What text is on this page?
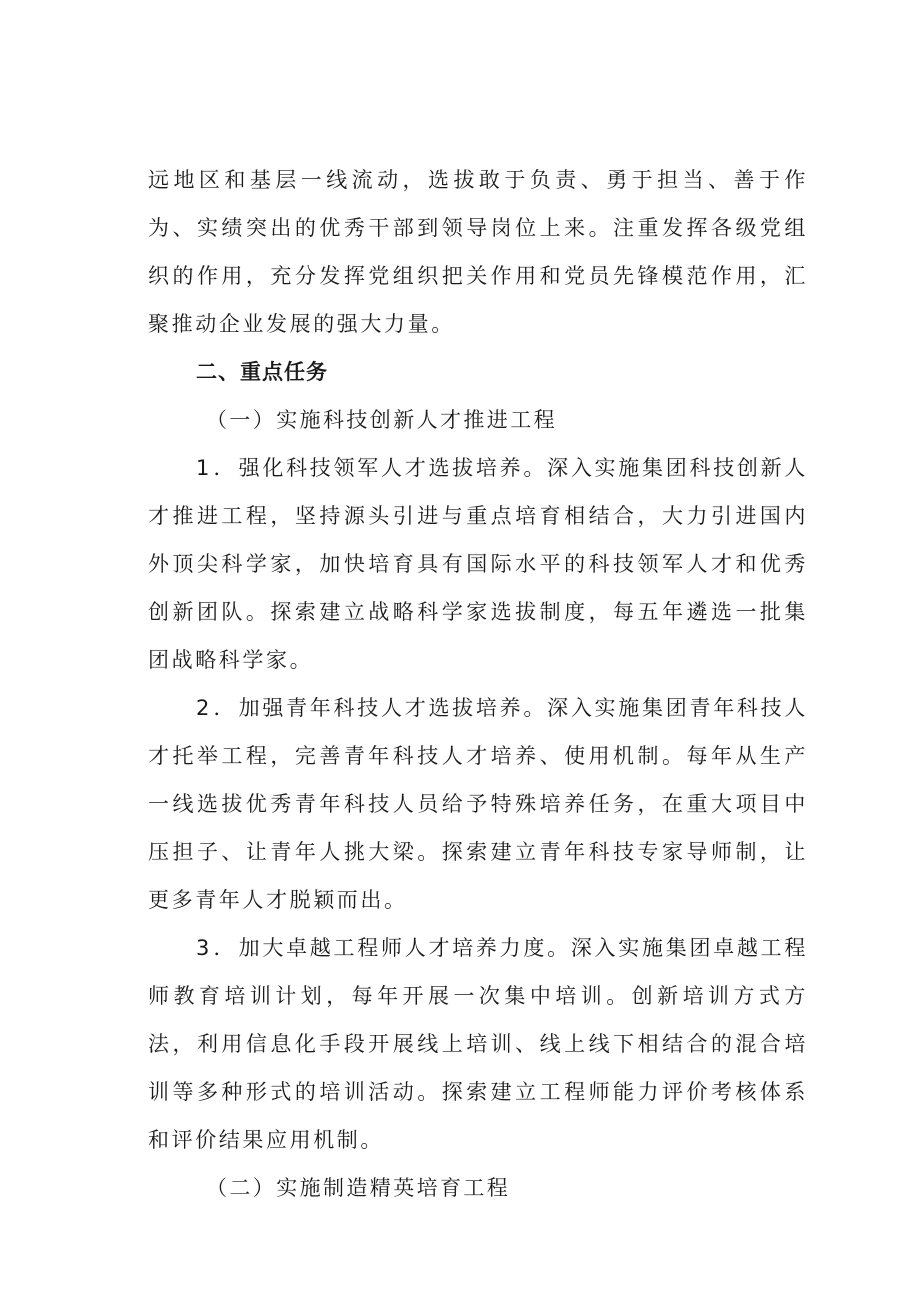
远地区和基层一线流动，选拔敢于负责、勇于担当、善于作为、实绩突出的优秀干部到领导岗位上来。注重发挥各级党组织的作用，充分发挥党组织把关作用和党员先锋模范作用，汇聚推动企业发展的强大力量。

二、重点任务

（一）实施科技创新人才推进工程

1．强化科技领军人才选拔培养。深入实施集团科技创新人才推进工程，坚持源头引进与重点培育相结合，大力引进国内外顶尖科学家，加快培育具有国际水平的科技领军人才和优秀创新团队。探索建立战略科学家选拔制度，每五年遴选一批集团战略科学家。

2．加强青年科技人才选拔培养。深入实施集团青年科技人才托举工程，完善青年科技人才培养、使用机制。每年从生产一线选拔优秀青年科技人员给予特殊培养任务，在重大项目中压担子、让青年人挑大梁。探索建立青年科技专家导师制，让更多青年人才脱颖而出。

3．加大卓越工程师人才培养力度。深入实施集团卓越工程师教育培训计划，每年开展一次集中培训。创新培训方式方法，利用信息化手段开展线上培训、线上线下相结合的混合培训等多种形式的培训活动。探索建立工程师能力评价考核体系和评价结果应用机制。

（二）实施制造精英培育工程
